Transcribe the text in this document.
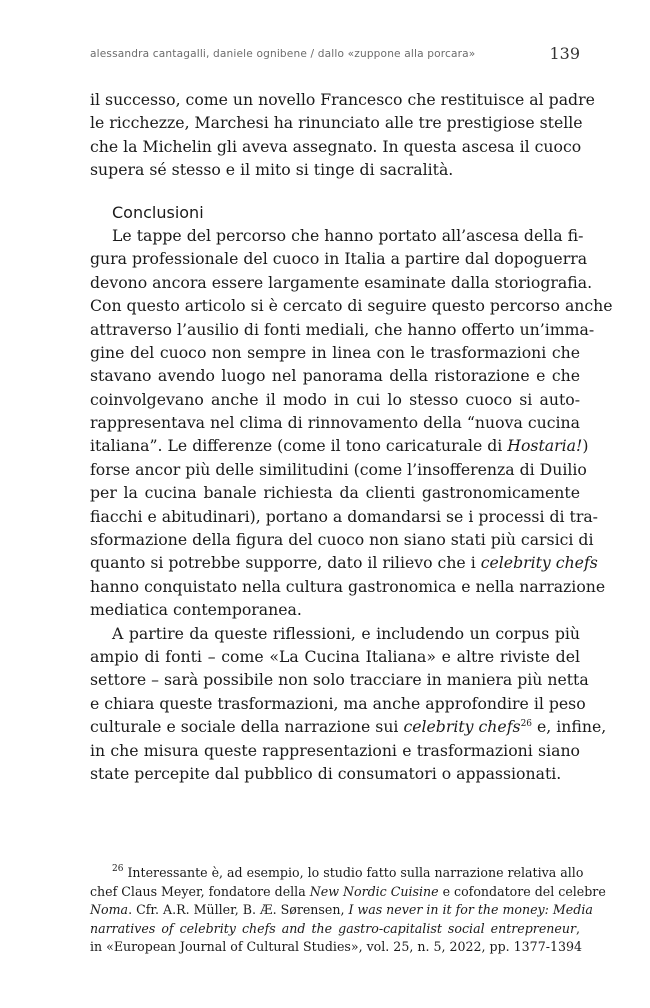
alessandra cantagalli, daniele ognibene / dallo «zuppone alla porcara»	139
il successo, come un novello Francesco che restituisce al padre
le ricchezze, Marchesi ha rinunciato alle tre prestigiose stelle
che la Michelin gli aveva assegnato. In questa ascesa il cuoco
supera sé stesso e il mito si tinge di sacralità.
Conclusioni
Le tappe del percorso che hanno portato all’ascesa della fi-
gura professionale del cuoco in Italia a partire dal dopoguerra
devono ancora essere largamente esaminate dalla storiografia.
Con questo articolo si è cercato di seguire questo percorso anche
attraverso l’ausilio di fonti mediali, che hanno offerto un’imma-
gine del cuoco non sempre in linea con le trasformazioni che
stavano avendo luogo nel panorama della ristorazione e che
coinvolgevano anche il modo in cui lo stesso cuoco si auto-
rappresentava nel clima di rinnovamento della “nuova cucina
italiana”. Le differenze (come il tono caricaturale di Hostaria!)
forse ancor più delle similitudini (come l’insofferenza di Duilio
per la cucina banale richiesta da clienti gastronomicamente
fiacchi e abitudinari), portano a domandarsi se i processi di tra-
sformazione della figura del cuoco non siano stati più carsici di
quanto si potrebbe supporre, dato il rilievo che i celebrity chefs
hanno conquistato nella cultura gastronomica e nella narrazione
mediatica contemporanea.
A partire da queste riflessioni, e includendo un corpus più
ampio di fonti – come «La Cucina Italiana» e altre riviste del
settore – sarà possibile non solo tracciare in maniera più netta
e chiara queste trasformazioni, ma anche approfondire il peso
culturale e sociale della narrazione sui celebrity chefs$^{26}$ e, infine,
in che misura queste rappresentazioni e trasformazioni siano
state percepite dal pubblico di consumatori o appassionati.
$^{26}$ Interessante è, ad esempio, lo studio fatto sulla narrazione relativa allo
chef Claus Meyer, fondatore della New Nordic Cuisine e cofondatore del celebre
Noma. Cfr. A.R. Müller, B. Æ. Sørensen, I was never in it for the money: Media
narratives of celebrity chefs and the gastro-capitalist social entrepreneur,
in «European Journal of Cultural Studies», vol. 25, n. 5, 2022, pp. 1377-1394
